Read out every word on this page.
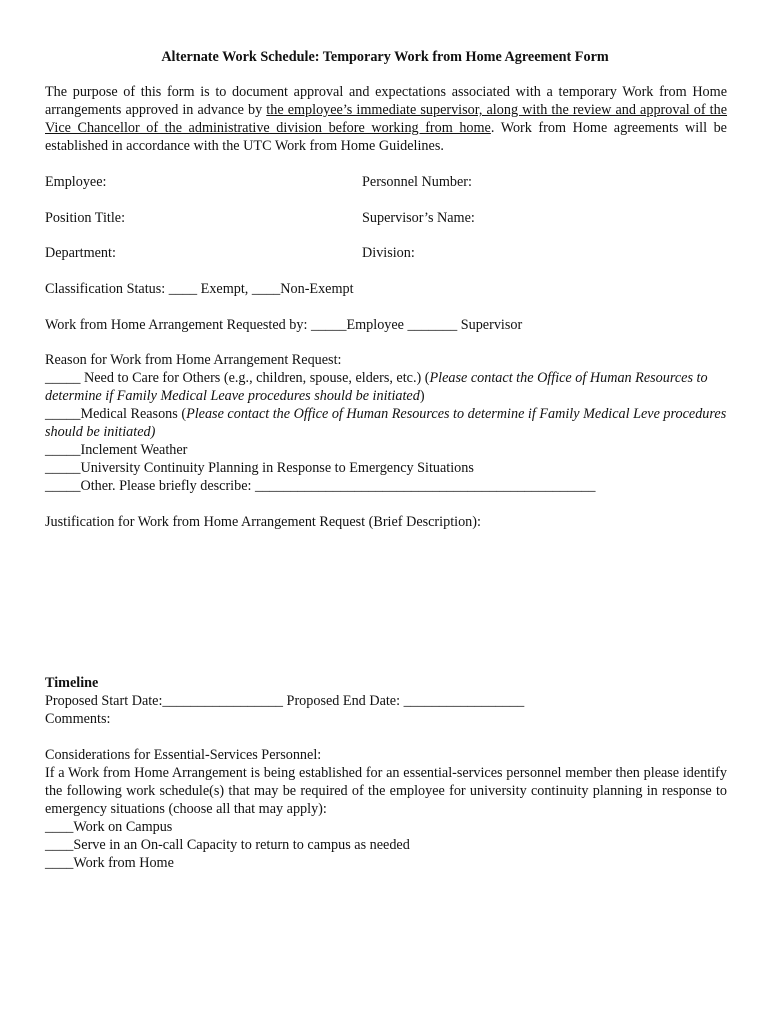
Alternate Work Schedule: Temporary Work from Home Agreement Form
The purpose of this form is to document approval and expectations associated with a temporary Work from Home arrangements approved in advance by the employee’s immediate supervisor, along with the review and approval of the Vice Chancellor of the administrative division before working from home. Work from Home agreements will be established in accordance with the UTC Work from Home Guidelines.
Employee:	Personnel Number:
Position Title:	Supervisor’s Name:
Department:	Division:
Classification Status: ____ Exempt, ____Non-Exempt
Work from Home Arrangement Requested by: _____Employee _______ Supervisor
Reason for Work from Home Arrangement Request:
_____ Need to Care for Others (e.g., children, spouse, elders, etc.) (Please contact the Office of Human Resources to determine if Family Medical Leave procedures should be initiated)
_____Medical Reasons (Please contact the Office of Human Resources to determine if Family Medical Leve procedures should be initiated)
_____Inclement Weather
_____University Continuity Planning in Response to Emergency Situations
_____Other. Please briefly describe: ________________________________________________
Justification for Work from Home Arrangement Request (Brief Description):
Timeline
Proposed Start Date:_________________ Proposed End Date: _________________
Comments:
Considerations for Essential-Services Personnel:
If a Work from Home Arrangement is being established for an essential-services personnel member then please identify the following work schedule(s) that may be required of the employee for university continuity planning in response to emergency situations (choose all that may apply):
____Work on Campus
____Serve in an On-call Capacity to return to campus as needed
____Work from Home
